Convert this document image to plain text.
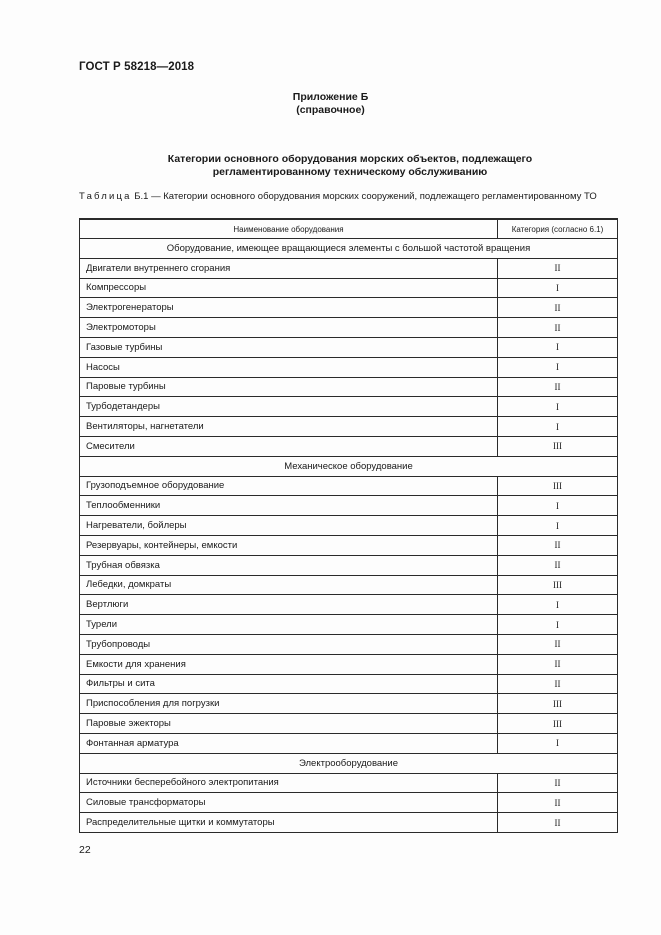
ГОСТ Р 58218—2018
Приложение Б
(справочное)
Категории основного оборудования морских объектов, подлежащего
регламентированному техническому обслуживанию
Таблица Б.1 — Категории основного оборудования морских сооружений, подлежащего регламентированному ТО
Наименование оборудования	Категория (согласно 6.1)
Оборудование, имеющее вращающиеся элементы с большой частотой вращения	
Двигатели внутреннего сгорания	II
Компрессоры	I
Электрогенераторы	II
Электромоторы	II
Газовые турбины	I
Насосы	I
Паровые турбины	II
Турбодетандеры	I
Вентиляторы, нагнетатели	I
Смесители	III
Механическое оборудование	
Грузоподъемное оборудование	III
Теплообменники	I
Нагреватели, бойлеры	I
Резервуары, контейнеры, емкости	II
Трубная обвязка	II
Лебедки, домкраты	III
Вертлюги	I
Турели	I
Трубопроводы	II
Емкости для хранения	II
Фильтры и сита	II
Приспособления для погрузки	III
Паровые эжекторы	III
Фонтанная арматура	I
Электрооборудование	
Источники бесперебойного электропитания	II
Силовые трансформаторы	II
Распределительные щитки и коммутаторы	II
22
